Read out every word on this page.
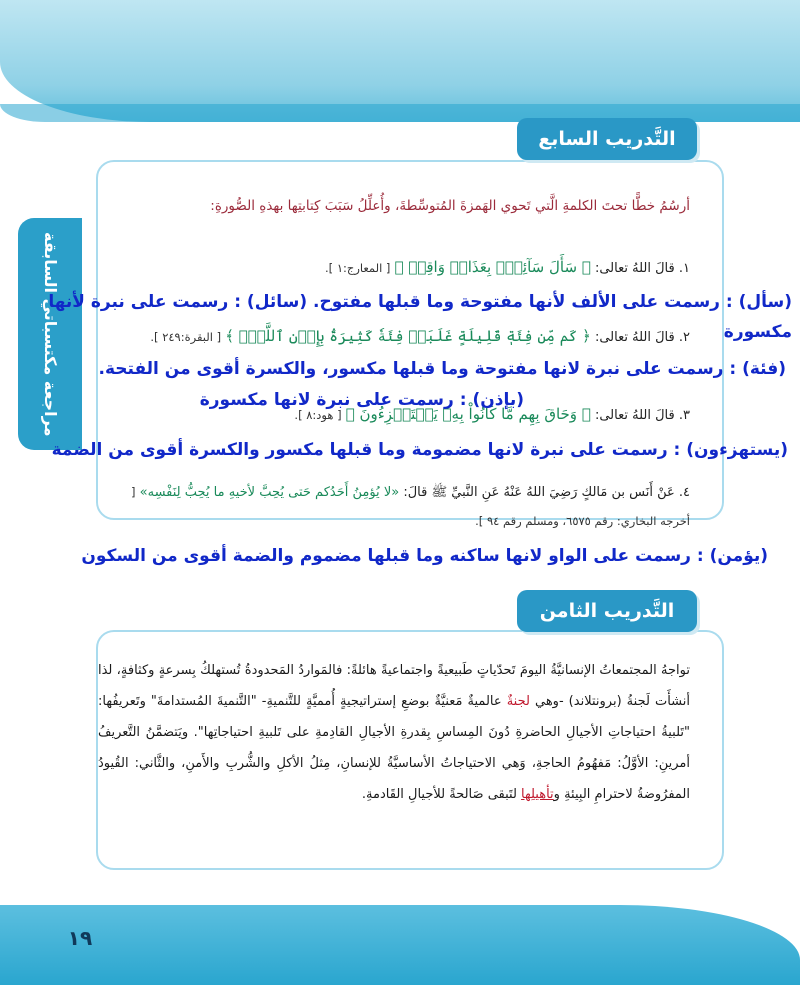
مراجعة مكتسباتي السابقة
التَّدريب السابع
أرسُمُ خطًّا تحتَ الكلمةِ الَّتي تَحوي الهَمزةَ المُتوسِّطةَ، وأُعلِّلُ سَبَبَ كِتابتِها بهذهِ الصُّورةِ:
١. قالَ اللهُ تعالى: ﴿ سَأَلَ سَآئِلُۢ بِعَذَابٖ وَاقِعٖ ﴾ [ المعارج:١ ].
٢. قالَ اللهُ تعالى: ﴿ كَم مِّن فِئَةٖ قَلِيلَةٍ غَلَبَتۡ فِئَةٗ كَثِيرَةَۢ بِإِذۡنِ ٱللَّهِۗ ﴾ [ البقرة:٢٤٩ ].
٣. قالَ اللهُ تعالى: ﴿ وَحَاقَ بِهِم مَّا كَانُواْ بِهِۦ يَسۡتَهۡزِءُونَ ﴾ [ هود:٨ ].
٤. عَنْ أَنَس بن مَالكٍ رَضِيَ اللهُ عَنْهُ عَنِ النَّبيِّ ﷺ قالَ: «لا يُؤمِنُ أَحَدُكم حَتى يُحِبَّ لأخيهِ ما يُحِبُّ لِنَفْسِه» [ أخرجه البخاري: رقم ٦٥٧٥، ومسلم رقم ٩٤ ].
(سأل) : رسمت على الألف لأنها مفتوحة وما قبلها مفتوح. (سائل) : رسمت على نبرة لأنها مكسورة
(فئة) : رسمت على نبرة لانها مفتوحة وما قبلها مكسور، والكسرة أقوى من الفتحة.
(بإذن) : رسمت على نبرة لانها مكسورة
(يستهزءون) : رسمت على نبرة لانها مضمومة وما قبلها مكسور والكسرة أقوى من الضمة
(يؤمن) : رسمت على الواو لانها ساكنه وما قبلها مضموم والضمة أقوى من السكون
التَّدريب الثامن
تواجهُ المجتمعاتُ الإنسانيَّةُ اليومَ تَحدّياتٍ طَبيعيةً واجتماعيةً هائلةً: فالمَواردُ المَحدودةُ تُستهلكُ بِسرعةٍ وكثافةٍ، لذا أنشأَت لَجنةُ (برونتلاند) -وهي لجنةٌ عالميةٌ مَعنيَّةٌ بوضعِ إستراتيجيةٍ أُمميَّةٍ للتَّنميةِ- "التَّنميةَ المُستدامةَ" وتَعريفُها: "تَلبيةُ احتياجاتِ الأجيالِ الحاضرةِ دُونَ المِساسِ بِقدرةِ الأجيالِ القادِمةِ على تَلبيةِ احتياجاتِها". ويَتضمَّنُ التَّعريفُ أمرينِ: الأوَّلُ: مَفهُومُ الحاجةِ، وَهي الاحتياجاتُ الأساسيَّةُ للإنسانِ، مِثلُ الأكلِ والشُّربِ والأَمنِ، والثَّاني: القُيودُ المفرُوضةُ لاحترامِ البِيئةِ وتأهيلِها لتَبقى صَالحةً للأجيالِ القَادمةِ.
١٩
